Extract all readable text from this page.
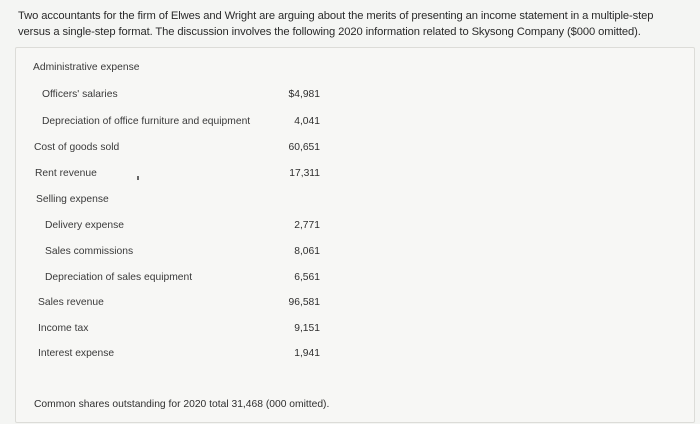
Two accountants for the firm of Elwes and Wright are arguing about the merits of presenting an income statement in a multiple-step versus a single-step format. The discussion involves the following 2020 information related to Skysong Company ($000 omitted).
Administrative expense
Officers' salaries	$4,981
Depreciation of office furniture and equipment	4,041
Cost of goods sold	60,651
Rent revenue	17,311
Selling expense
Delivery expense	2,771
Sales commissions	8,061
Depreciation of sales equipment	6,561
Sales revenue	96,581
Income tax	9,151
Interest expense	1,941
Common shares outstanding for 2020 total 31,468 (000 omitted).
